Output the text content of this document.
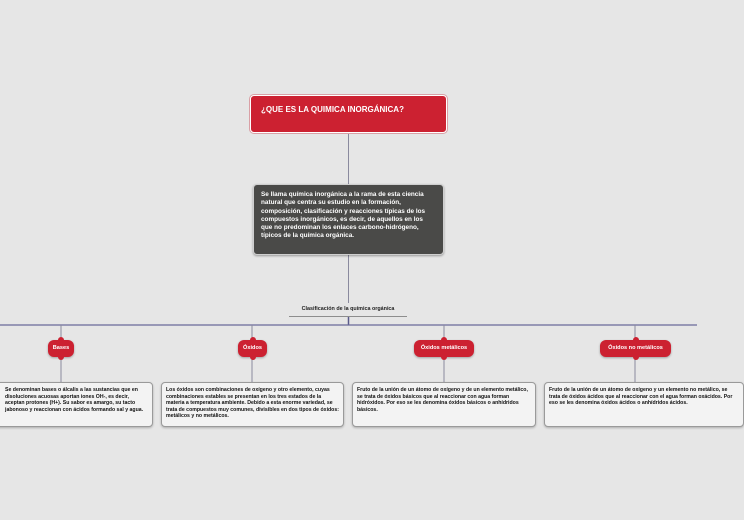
¿QUE ES LA QUIMICA INORGÁNICA?
Se llama química inorgánica a la rama de esta ciencia natural que centra su estudio en la formación, composición, clasificación y reacciones típicas de los compuestos inorgánicos, es decir, de aquellos en los que no predominan los enlaces carbono-hidrógeno, típicos de la química orgánica.
Clasificación de la química orgánica
Bases	Óxidos	Óxidos metálicos	Óxidos no metálicos
Se denominan bases o álcalis a las sustancias que en disoluciones acuosas aportan iones OH-, es decir, aceptan protones (H+). Su sabor es amargo, su tacto jabonoso y reaccionan con ácidos formando sal y agua.
Los óxidos son combinaciones de oxígeno y otro elemento, cuyas combinaciones estables se presentan en los tres estados de la materia a temperatura ambiente. Debido a esta enorme variedad, se trata de compuestos muy comunes, divisibles en dos tipos de óxidos: metálicos y no metálicos.
Fruto de la unión de un átomo de oxígeno y de un elemento metálico, se trata de óxidos básicos que al reaccionar con agua forman hidróxidos. Por eso se les denomina óxidos básicos o anhídridos básicos.
Fruto de la unión de un átomo de oxígeno y un elemento no metálico, se trata de óxidos ácidos que al reaccionar con el agua forman oxácidos. Por eso se les denomina óxidos ácidos o anhídridos ácidos.
